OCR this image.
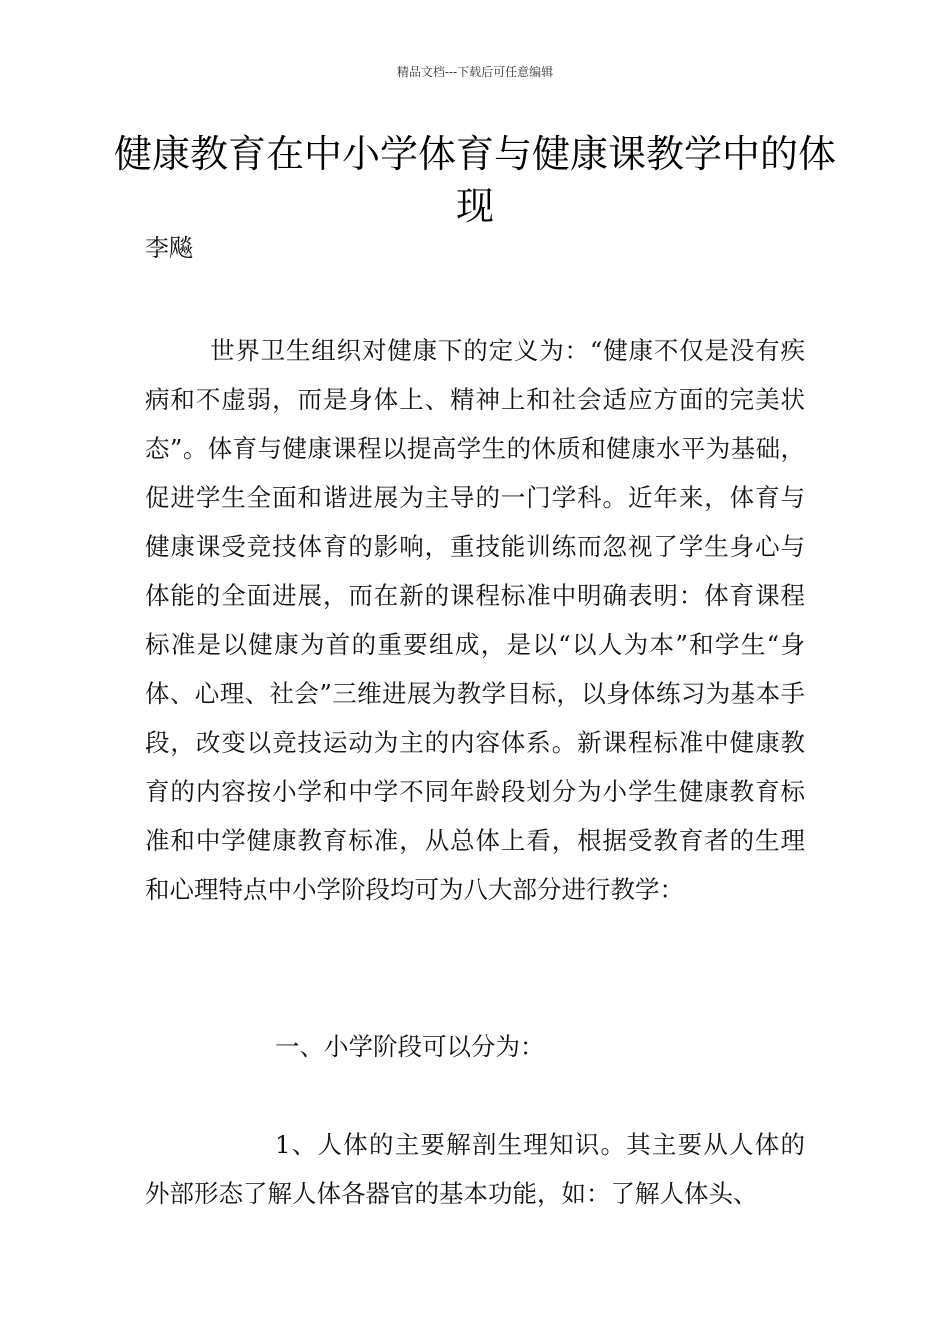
精品文档---下载后可任意编辑
健康教育在中小学体育与健康课教学中的体现
李飚

世界卫生组织对健康下的定义为：“健康不仅是没有疾病和不虚弱，而是身体上、精神上和社会适应方面的完美状态”。体育与健康课程以提高学生的休质和健康水平为基础，促进学生全面和谐进展为主导的一门学科。近年来，体育与健康课受竞技体育的影响，重技能训练而忽视了学生身心与体能的全面进展，而在新的课程标准中明确表明：体育课程标准是以健康为首的重要组成，是以“以人为本”和学生“身体、心理、社会”三维进展为教学目标，以身体练习为基本手段，改变以竞技运动为主的内容体系。新课程标准中健康教育的内容按小学和中学不同年龄段划分为小学生健康教育标准和中学健康教育标准，从总体上看，根据受教育者的生理和心理特点中小学阶段均可为八大部分进行教学：

一、小学阶段可以分为：

1、人体的主要解剖生理知识。其主要从人体的外部形态了解人体各器官的基本功能，如：了解人体头、
